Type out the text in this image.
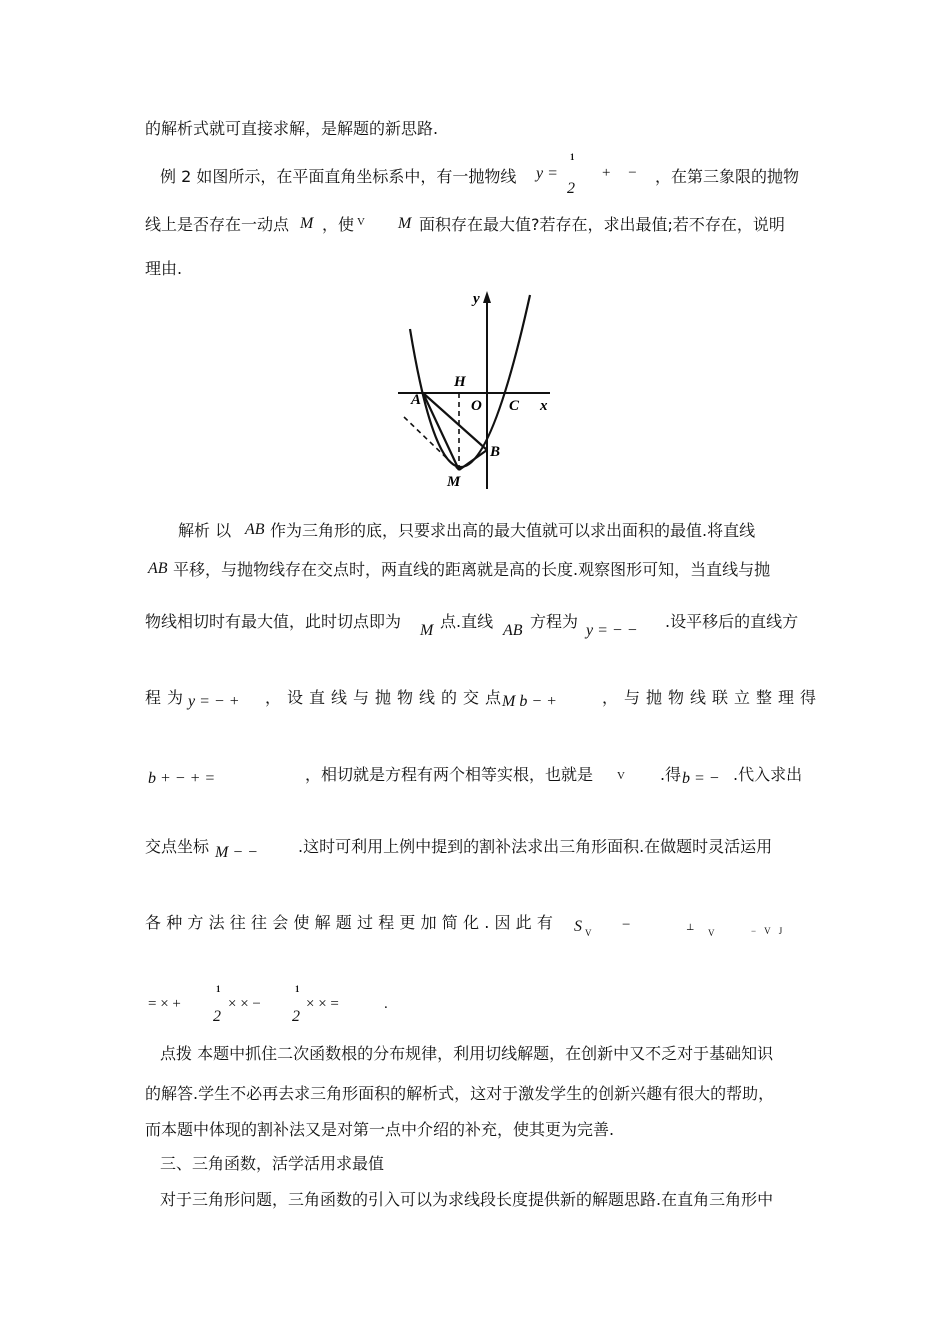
的解析式就可直接求解，是解题的新思路.
例 2 如图所示，在平面直角坐标系中，有一抛物线 y =
1
2
+ − ，在第三象限的抛物
线上是否存在一动点 M ，使 V M 面积存在最大值?若存在，求出最值;若不存在，说明
理由.
y
x
H
O C
A
B
M
解析 以 AB 作为三角形的底，只要求出高的最大值就可以求出面积的最值.将直线
AB 平移，与抛物线存在交点时，两直线的距离就是高的长度.观察图形可知，当直线与抛
物线相切时有最大值，此时切点即为 M 点.直线 AB 方程为 y = − − .设平移后的直线方
程为
y = − + ，设直线与抛物线的交点
M b − +	，与抛物线联立整理得
b + − + =	，相切就是方程有两个相等实根，也就是 V .得 b = − .代入求出
交点坐标 M − −	.这时可利用上例中提到的割补法求出三角形面积.在做题时灵活运用
各种方法往往会使解题过程更加简化.因此有 S V −	⊥
V	− V J
= × +
1
2
× × −
1
2
× × =	.
点拨 本题中抓住二次函数根的分布规律，利用切线解题，在创新中又不乏对于基础知识
的解答.学生不必再去求三角形面积的解析式，这对于激发学生的创新兴趣有很大的帮助，
而本题中体现的割补法又是对第一点中介绍的补充，使其更为完善.
三、三角函数，活学活用求最值
对于三角形问题，三角函数的引入可以为求线段长度提供新的解题思路.在直角三角形中
